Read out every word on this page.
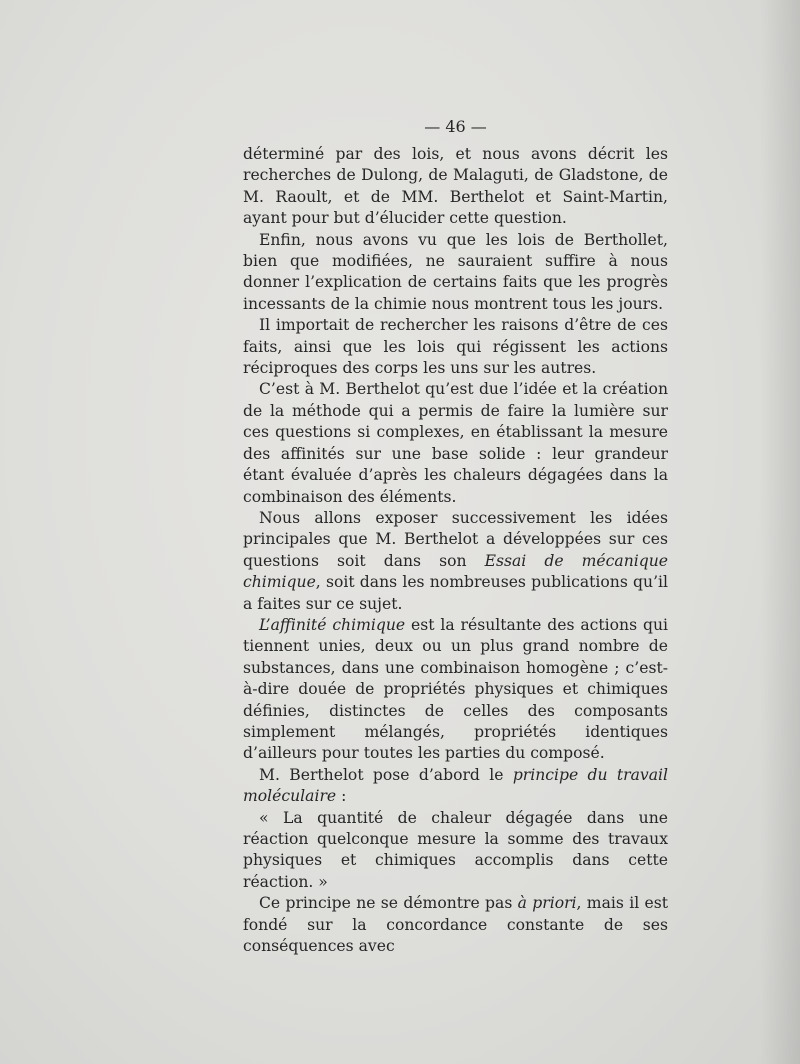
— 46 —

déterminé par des lois, et nous avons décrit les recherches de Dulong, de Malaguti, de Gladstone, de M. Raoult, et de MM. Berthelot et Saint-Martin, ayant pour but d’élucider cette question.

Enfin, nous avons vu que les lois de Berthollet, bien que modifiées, ne sauraient suffire à nous donner l’explication de certains faits que les progrès incessants de la chimie nous montrent tous les jours.

Il importait de rechercher les raisons d’être de ces faits, ainsi que les lois qui régissent les actions réciproques des corps les uns sur les autres.

C’est à M. Berthelot qu’est due l’idée et la création de la méthode qui a permis de faire la lumière sur ces questions si complexes, en établissant la mesure des affinités sur une base solide : leur grandeur étant évaluée d’après les chaleurs dégagées dans la combinaison des éléments.

Nous allons exposer successivement les idées principales que M. Berthelot a développées sur ces questions soit dans son Essai de mécanique chimique, soit dans les nombreuses publications qu’il a faites sur ce sujet.

L’affinité chimique est la résultante des actions qui tiennent unies, deux ou un plus grand nombre de substances, dans une combinaison homogène ; c’est-à-dire douée de propriétés physiques et chimiques définies, distinctes de celles des composants simplement mélangés, propriétés identiques d’ailleurs pour toutes les parties du composé.

M. Berthelot pose d’abord le principe du travail moléculaire :

« La quantité de chaleur dégagée dans une réaction quelconque mesure la somme des travaux physiques et chimiques accomplis dans cette réaction. »

Ce principe ne se démontre pas à priori, mais il est fondé sur la concordance constante de ses conséquences avec
